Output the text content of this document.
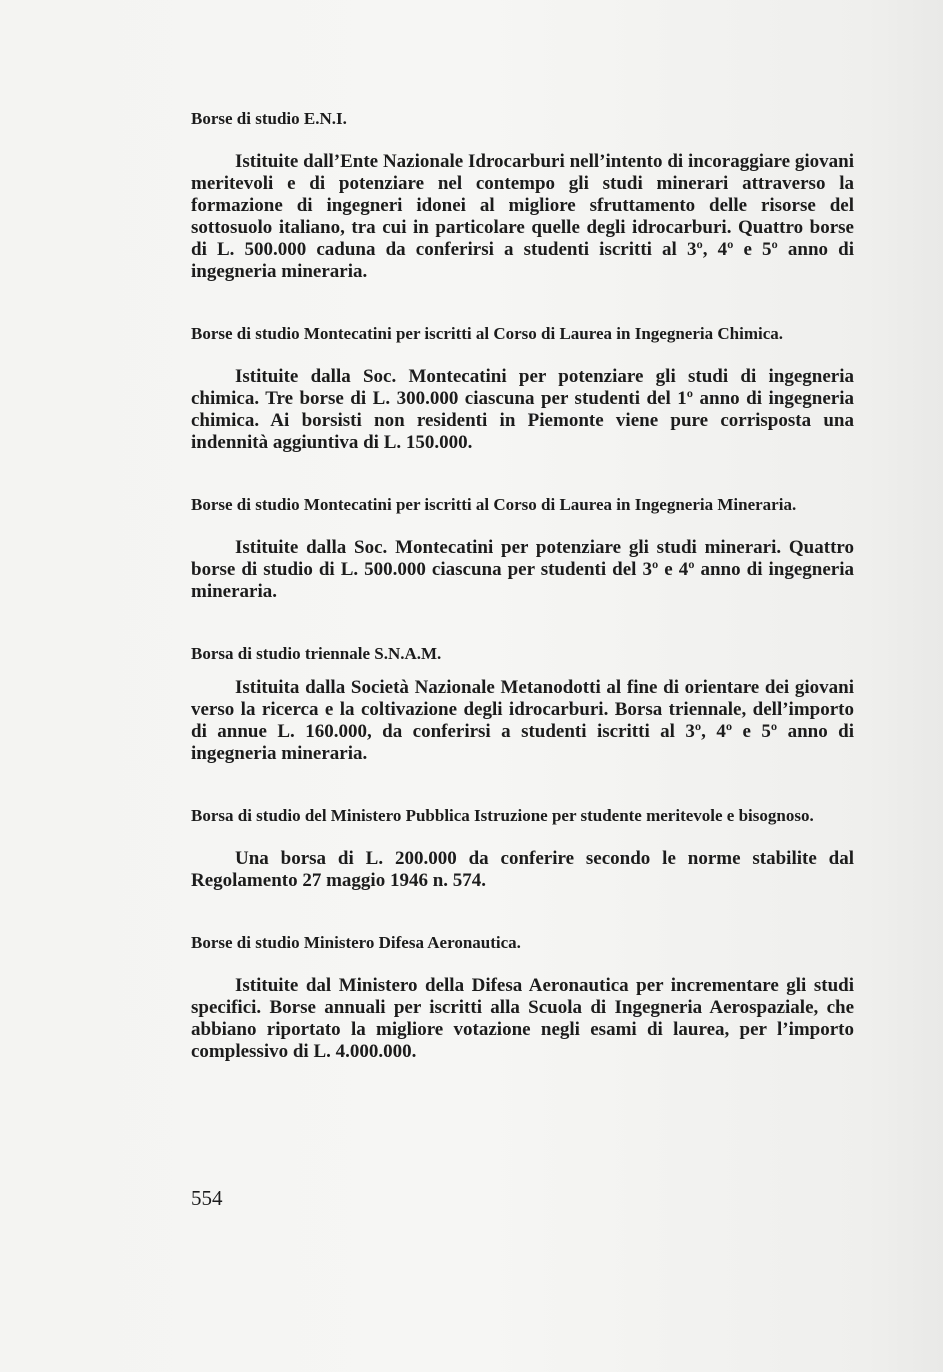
Borse di studio E.N.I.

Istituite dall’Ente Nazionale Idrocarburi nell’intento di incoraggiare giovani meritevoli e di potenziare nel contempo gli studi minerari attraverso la formazione di ingegneri idonei al migliore sfruttamento delle risorse del sottosuolo italiano, tra cui in particolare quelle degli idrocarburi. Quattro borse di L. 500.000 caduna da conferirsi a studenti iscritti al 3º, 4º e 5º anno di ingegneria mineraria.

Borse di studio Montecatini per iscritti al Corso di Laurea in Ingegneria Chimica.

Istituite dalla Soc. Montecatini per potenziare gli studi di ingegneria chimica. Tre borse di L. 300.000 ciascuna per studenti del 1º anno di ingegneria chimica. Ai borsisti non residenti in Piemonte viene pure corrisposta una indennità aggiuntiva di L. 150.000.

Borse di studio Montecatini per iscritti al Corso di Laurea in Ingegneria Mineraria.

Istituite dalla Soc. Montecatini per potenziare gli studi minerari. Quattro borse di studio di L. 500.000 ciascuna per studenti del 3º e 4º anno di ingegneria mineraria.

Borsa di studio triennale S.N.A.M.

Istituita dalla Società Nazionale Metanodotti al fine di orientare dei giovani verso la ricerca e la coltivazione degli idrocarburi. Borsa triennale, dell’importo di annue L. 160.000, da conferirsi a studenti iscritti al 3º, 4º e 5º anno di ingegneria mineraria.

Borsa di studio del Ministero Pubblica Istruzione per studente meritevole e bisognoso.

Una borsa di L. 200.000 da conferire secondo le norme stabilite dal Regolamento 27 maggio 1946 n. 574.

Borse di studio Ministero Difesa Aeronautica.

Istituite dal Ministero della Difesa Aeronautica per incrementare gli studi specifici. Borse annuali per iscritti alla Scuola di Ingegneria Aerospaziale, che abbiano riportato la migliore votazione negli esami di laurea, per l’importo complessivo di L. 4.000.000.

554
